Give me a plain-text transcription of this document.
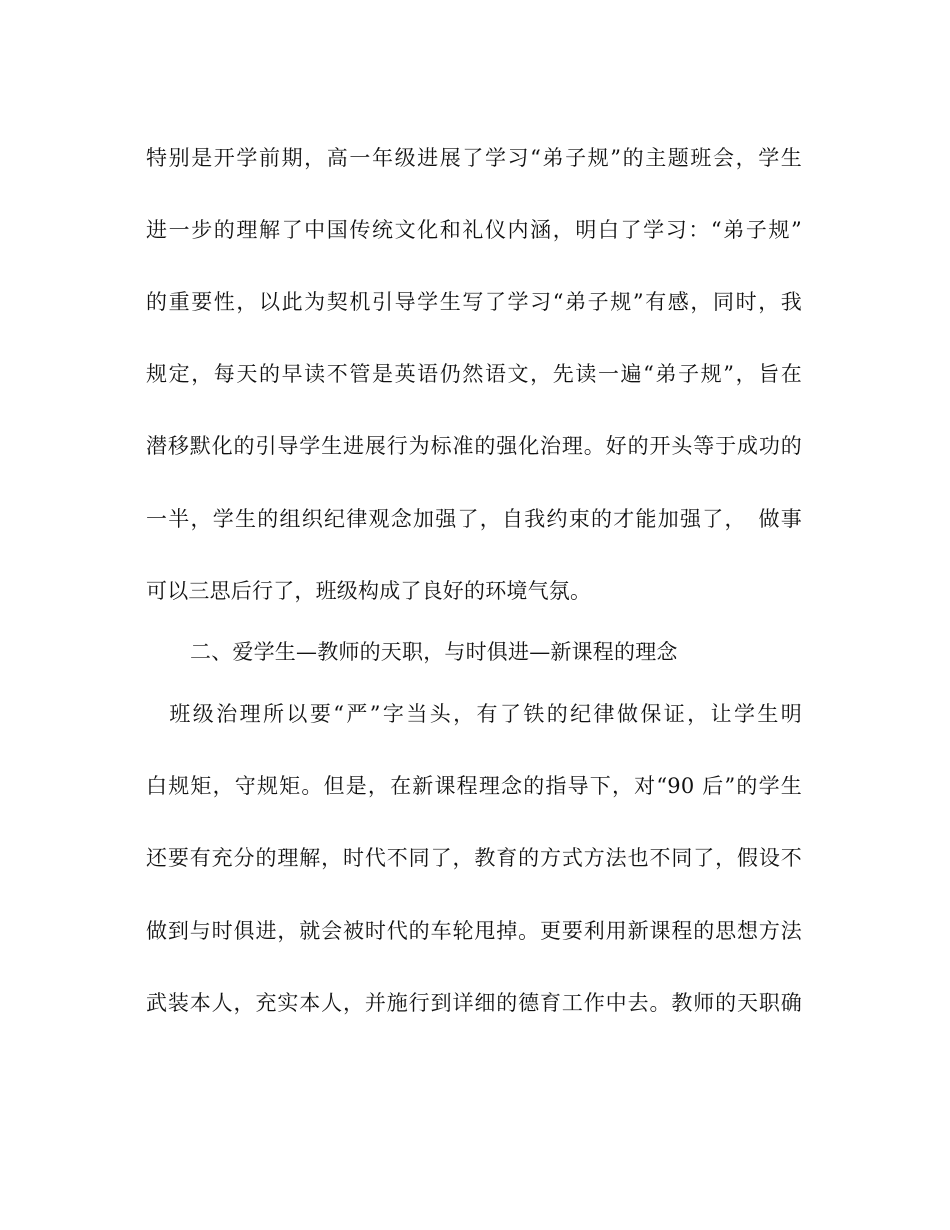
特别是开学前期，高一年级进展了学习“弟子规”的主题班会，学生
进一步的理解了中国传统文化和礼仪内涵，明白了学习：“弟子规”
的重要性，以此为契机引导学生写了学习“弟子规”有感，同时，我
规定，每天的早读不管是英语仍然语文，先读一遍“弟子规”，旨在
潜移默化的引导学生进展行为标准的强化治理。好的开头等于成功的
一半，学生的组织纪律观念加强了，自我约束的才能加强了，　做事
可以三思后行了，班级构成了良好的环境气氛。
二、爱学生—教师的天职，与时俱进—新课程的理念
　班级治理所以要“严”字当头，有了铁的纪律做保证，让学生明
白规矩，守规矩。但是，在新课程理念的指导下，对“90 后”的学生
还要有充分的理解，时代不同了，教育的方式方法也不同了，假设不
做到与时俱进，就会被时代的车轮甩掉。更要利用新课程的思想方法
武装本人，充实本人，并施行到详细的德育工作中去。教师的天职确
